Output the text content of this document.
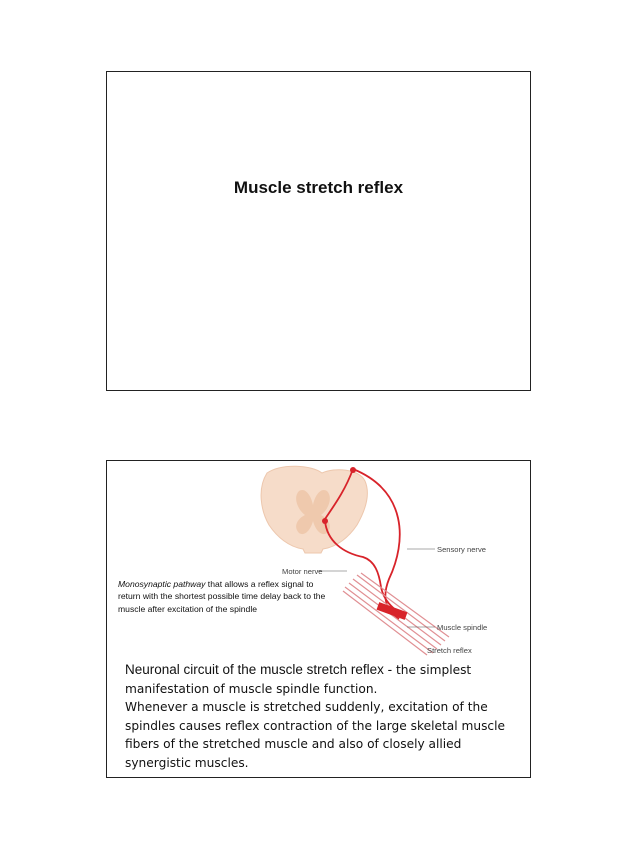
Muscle stretch reflex
Sensory nerve
Motor nerve
Muscle spindle
Stretch reflex
Monosynaptic pathway that allows a reflex signal to return with the shortest possible time delay back to the muscle after excitation of the spindle

Neuronal circuit of the muscle stretch reflex - the simplest manifestation of muscle spindle function.

Whenever a muscle is stretched suddenly, excitation of the spindles causes reflex contraction of the large skeletal muscle fibers of the stretched muscle and also of closely allied synergistic muscles.
